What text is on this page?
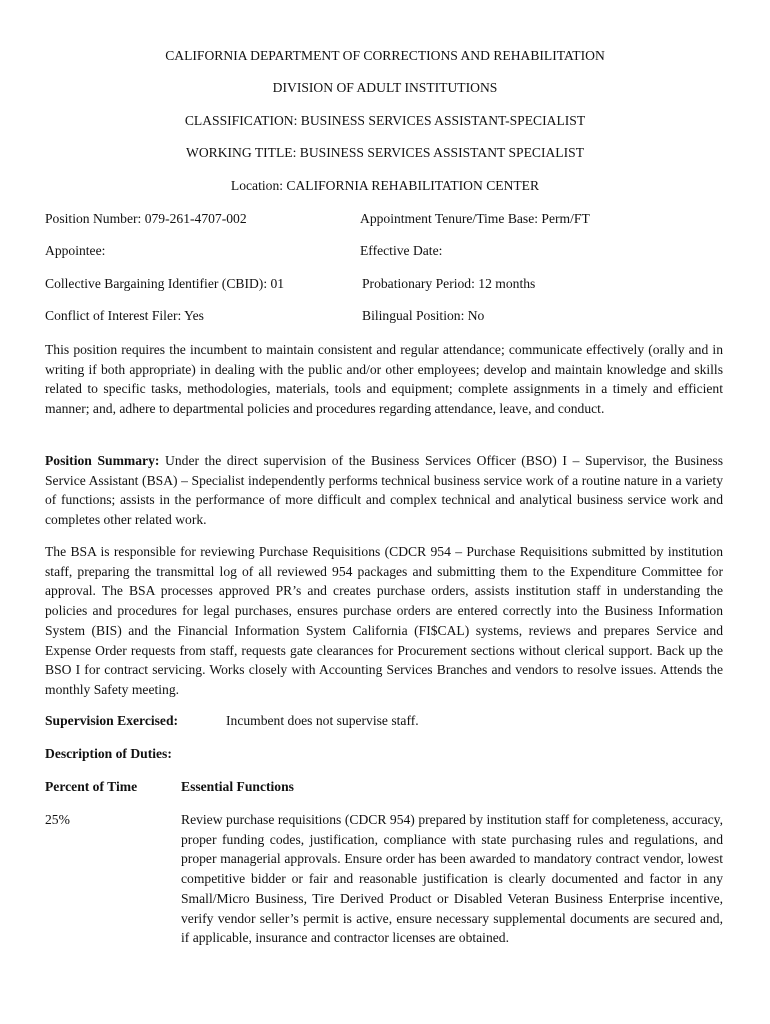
CALIFORNIA DEPARTMENT OF CORRECTIONS AND REHABILITATION
DIVISION OF ADULT INSTITUTIONS
CLASSIFICATION: BUSINESS SERVICES ASSISTANT-SPECIALIST
WORKING TITLE: BUSINESS SERVICES ASSISTANT SPECIALIST
Location: CALIFORNIA REHABILITATION CENTER
Position Number: 079-261-4707-002	Appointment Tenure/Time Base: Perm/FT
Appointee:	Effective Date:
Collective Bargaining Identifier (CBID): 01	Probationary Period: 12 months
Conflict of Interest Filer: Yes	Bilingual Position: No

This position requires the incumbent to maintain consistent and regular attendance; communicate effectively (orally and in writing if both appropriate) in dealing with the public and/or other employees; develop and maintain knowledge and skills related to specific tasks, methodologies, materials, tools and equipment; complete assignments in a timely and efficient manner; and, adhere to departmental policies and procedures regarding attendance, leave, and conduct.

Position Summary: Under the direct supervision of the Business Services Officer (BSO) I – Supervisor, the Business Service Assistant (BSA) – Specialist independently performs technical business service work of a routine nature in a variety of functions; assists in the performance of more difficult and complex technical and analytical business service work and completes other related work.

The BSA is responsible for reviewing Purchase Requisitions (CDCR 954 – Purchase Requisitions submitted by institution staff, preparing the transmittal log of all reviewed 954 packages and submitting them to the Expenditure Committee for approval. The BSA processes approved PR’s and creates purchase orders, assists institution staff in understanding the policies and procedures for legal purchases, ensures purchase orders are entered correctly into the Business Information System (BIS) and the Financial Information System California (FI$CAL) systems, reviews and prepares Service and Expense Order requests from staff, requests gate clearances for Procurement sections without clerical support. Back up the BSO I for contract servicing. Works closely with Accounting Services Branches and vendors to resolve issues. Attends the monthly Safety meeting.

Supervision Exercised:	Incumbent does not supervise staff.
Description of Duties:
Percent of Time	Essential Functions
25%	Review purchase requisitions (CDCR 954) prepared by institution staff for completeness, accuracy, proper funding codes, justification, compliance with state purchasing rules and regulations, and proper managerial approvals. Ensure order has been awarded to mandatory contract vendor, lowest competitive bidder or fair and reasonable justification is clearly documented and factor in any Small/Micro Business, Tire Derived Product or Disabled Veteran Business Enterprise incentive, verify vendor seller’s permit is active, ensure necessary supplemental documents are secured and, if applicable, insurance and contractor licenses are obtained.
